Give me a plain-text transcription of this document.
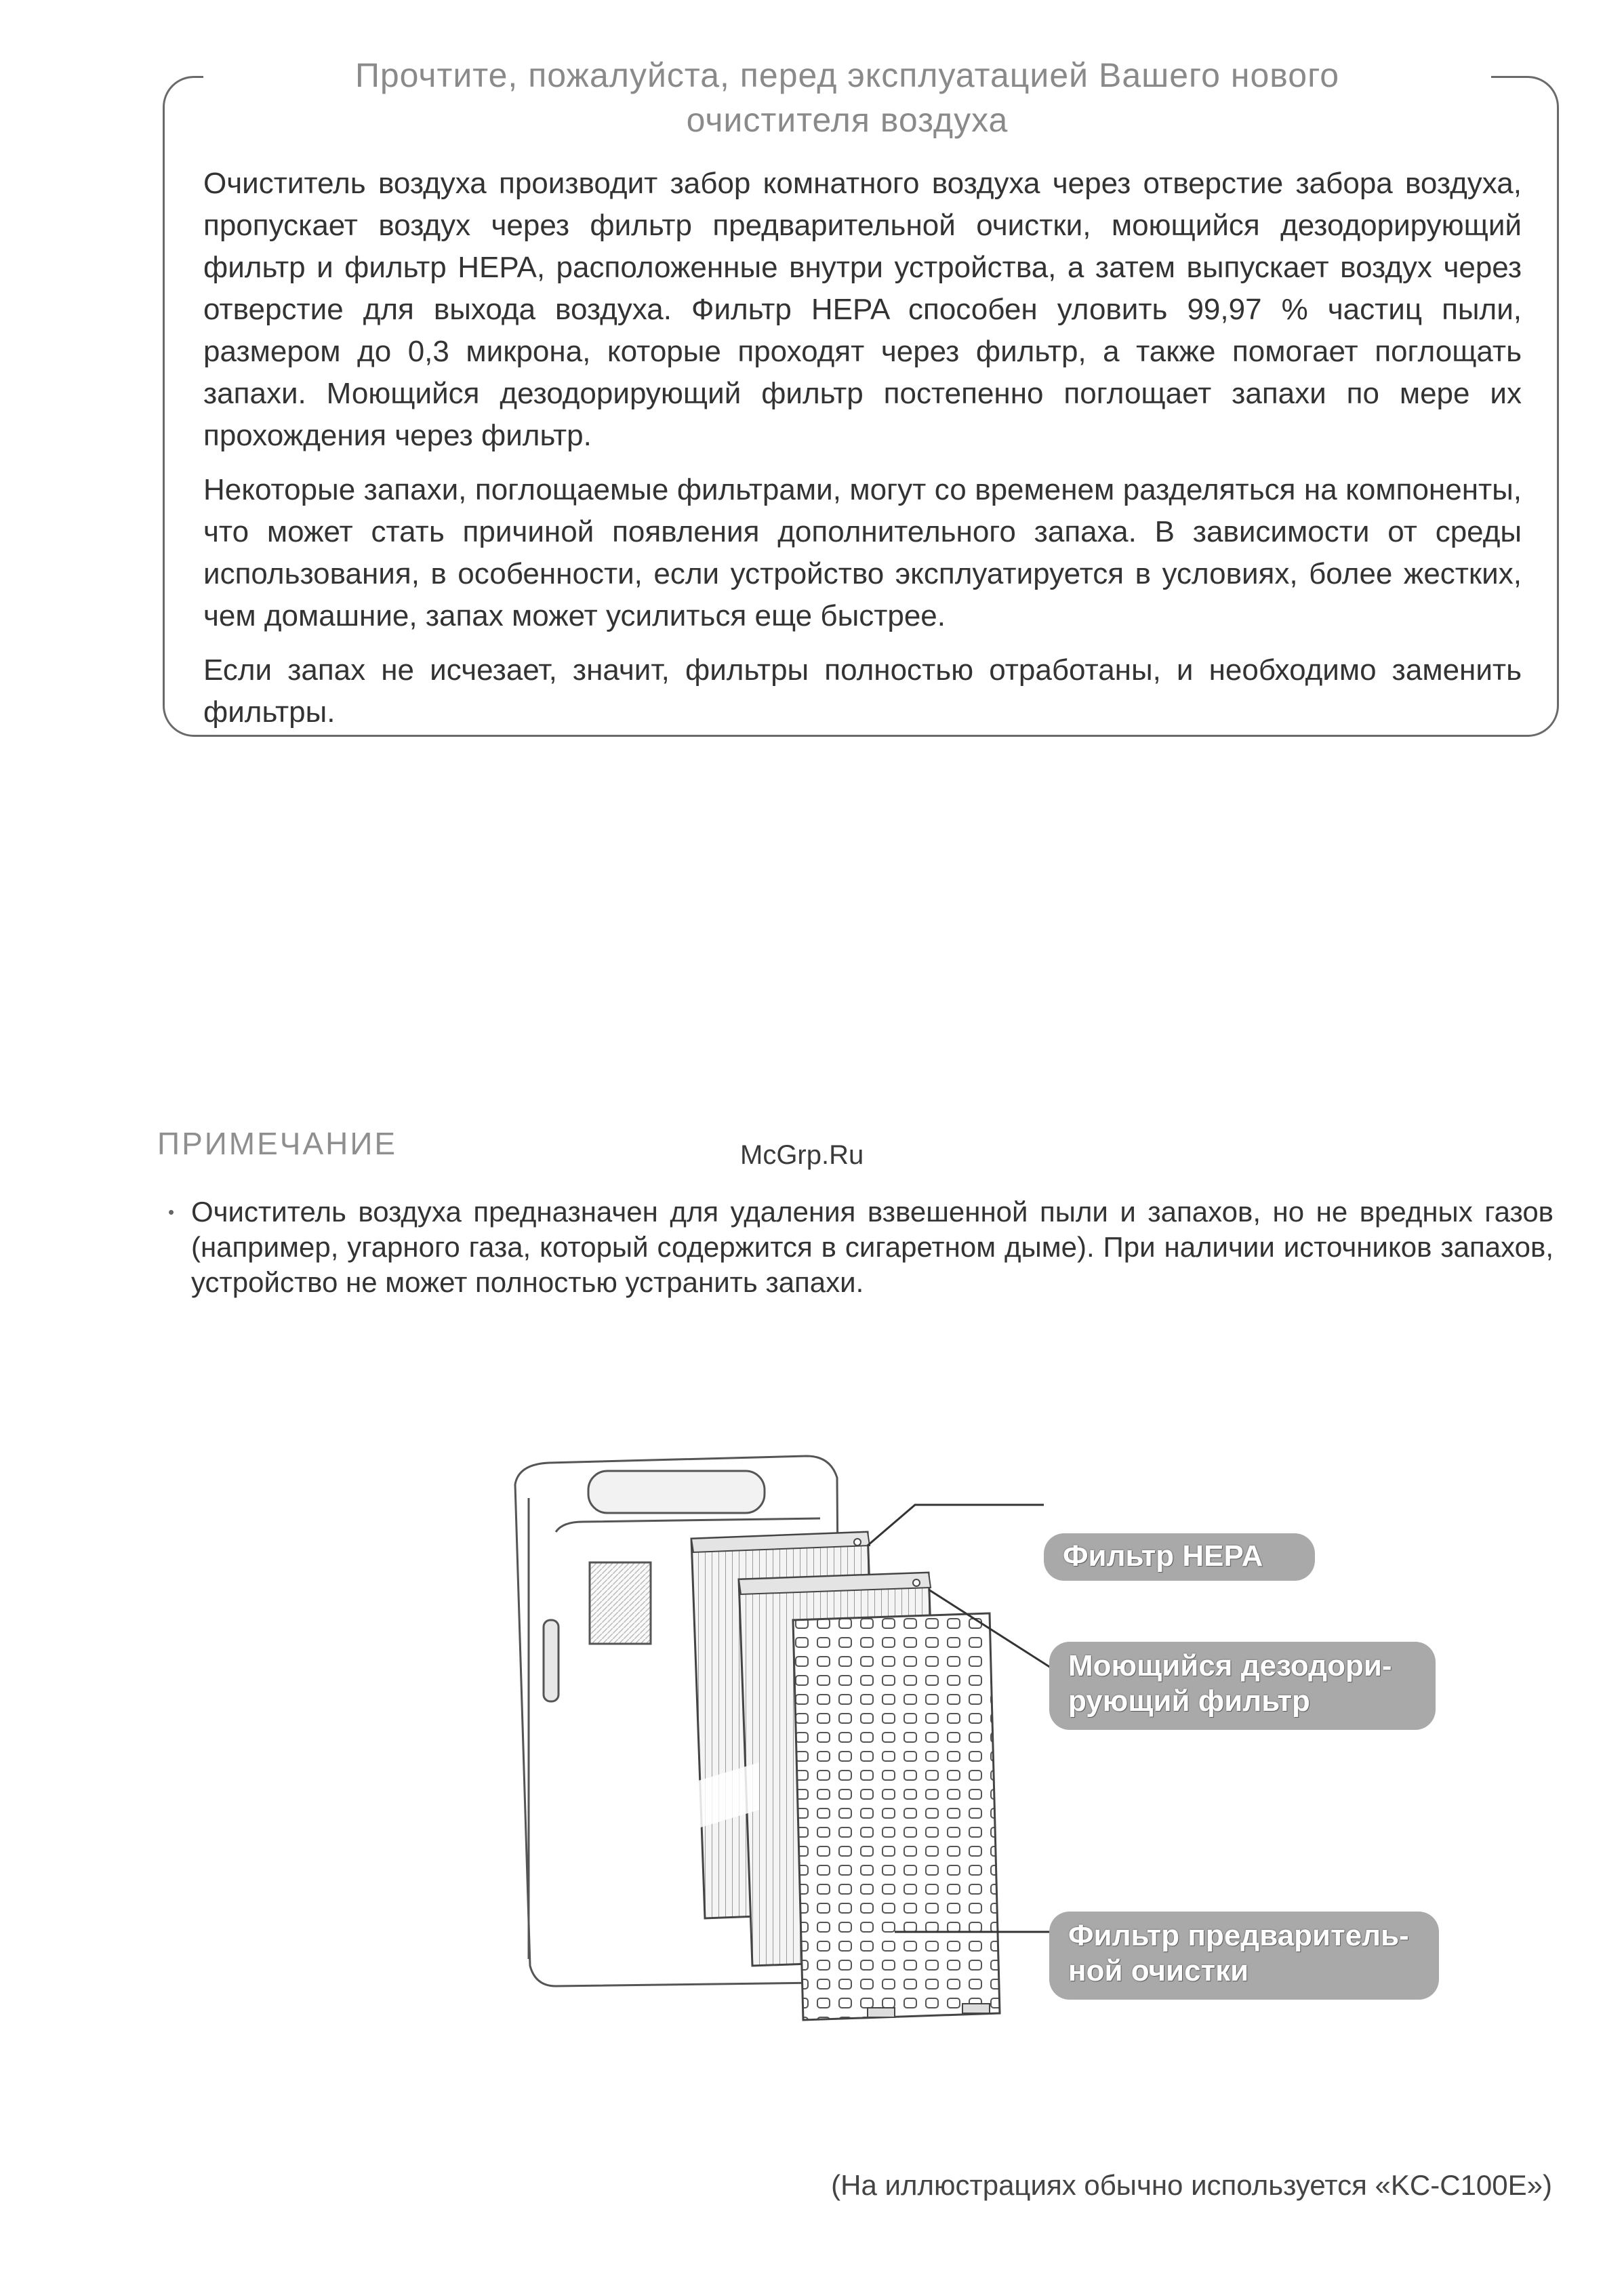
Прочтите, пожалуйста, перед эксплуатацией Вашего нового
очистителя воздуха

Очиститель воздуха производит забор комнатного воздуха через отверстие забора воздуха, пропускает воздух через фильтр предварительной очистки, моющийся дезодорирующий фильтр и фильтр HEPA, расположенные внутри устройства, а затем выпускает воздух через отверстие для выхода воздуха. Фильтр HEPA способен уловить 99,97 % частиц пыли, размером до 0,3 микрона, которые проходят через фильтр, а также помогает поглощать запахи. Моющийся дезодорирующий фильтр постепенно поглощает запахи по мере их прохождения через фильтр.

Некоторые запахи, поглощаемые фильтрами, могут со временем разделяться на компоненты, что может стать причиной появления дополнительного запаха. В зависимости от среды использования, в особенности, если устройство эксплуатируется в условиях, более жестких, чем домашние, запах может усилиться еще быстрее.

Если запах не исчезает, значит, фильтры полностью отработаны, и необходимо заменить фильтры.

ПРИМЕЧАНИЕ	McGrp.Ru
• Очиститель воздуха предназначен для удаления взвешенной пыли и запахов, но не вредных газов (например, угарного газа, который содержится в сигаретном дыме). При наличии источников запахов, устройство не может полностью устранить запахи.
Фильтр HEPA
Моющийся дезодори-
рующий фильтр
Фильтр предваритель-
ной очистки
(На иллюстрациях обычно используется «KC-C100E»)
